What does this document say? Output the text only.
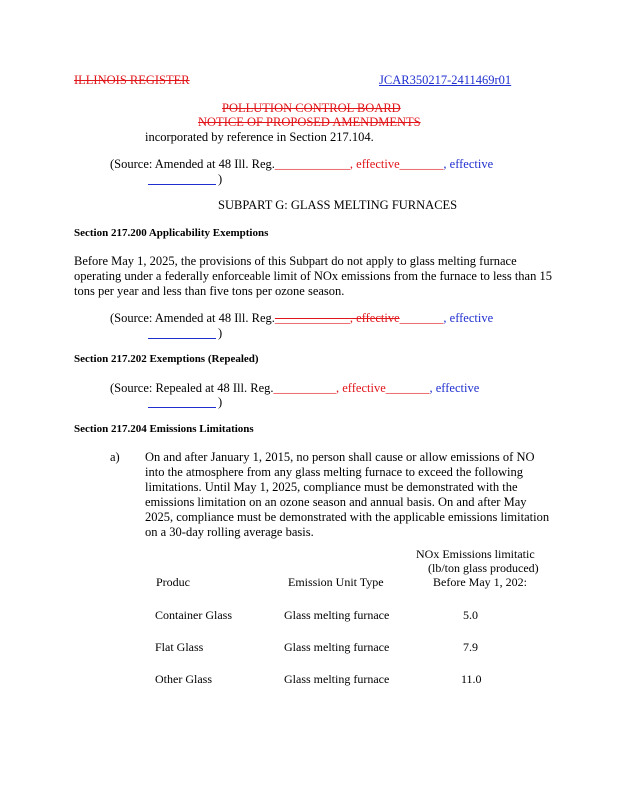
ILLINOIS REGISTER	JCAR350217-2411469r01
POLLUTION CONTROL BOARD
NOTICE OF PROPOSED AMENDMENTS
incorporated by reference in Section 217.104.
(Source: Amended at 48 Ill. Reg.____________, effective_______, effective
)
SUBPART G: GLASS MELTING FURNACES
Section 217.200 Applicability Exemptions
Before May 1, 2025, the provisions of this Subpart do not apply to glass melting furnace
operating under a federally enforceable limit of NOx emissions from the furnace to less than 15
tons per year and less than five tons per ozone season.
(Source: Amended at 48 Ill. Reg.____________, effective_______, effective
)
Section 217.202 Exemptions (Repealed)
(Source: Repealed at 48 Ill. Reg.__________, effective_______, effective
)
Section 217.204 Emissions Limitations
a) On and after January 1, 2015, no person shall cause or allow emissions of NO
into the atmosphere from any glass melting furnace to exceed the following
limitations. Until May 1, 2025, compliance must be demonstrated with the
emissions limitation on an ozone season and annual basis. On and after May
2025, compliance must be demonstrated with the applicable emissions limitation
on a 30-day rolling average basis.
NOx Emissions limitatic
(lb/ton glass produced)
Before May 1, 202:
Produc	Emission Unit Type
Container Glass	Glass melting furnace	5.0
Flat Glass	Glass melting furnace	7.9
Other Glass	Glass melting furnace	11.0
